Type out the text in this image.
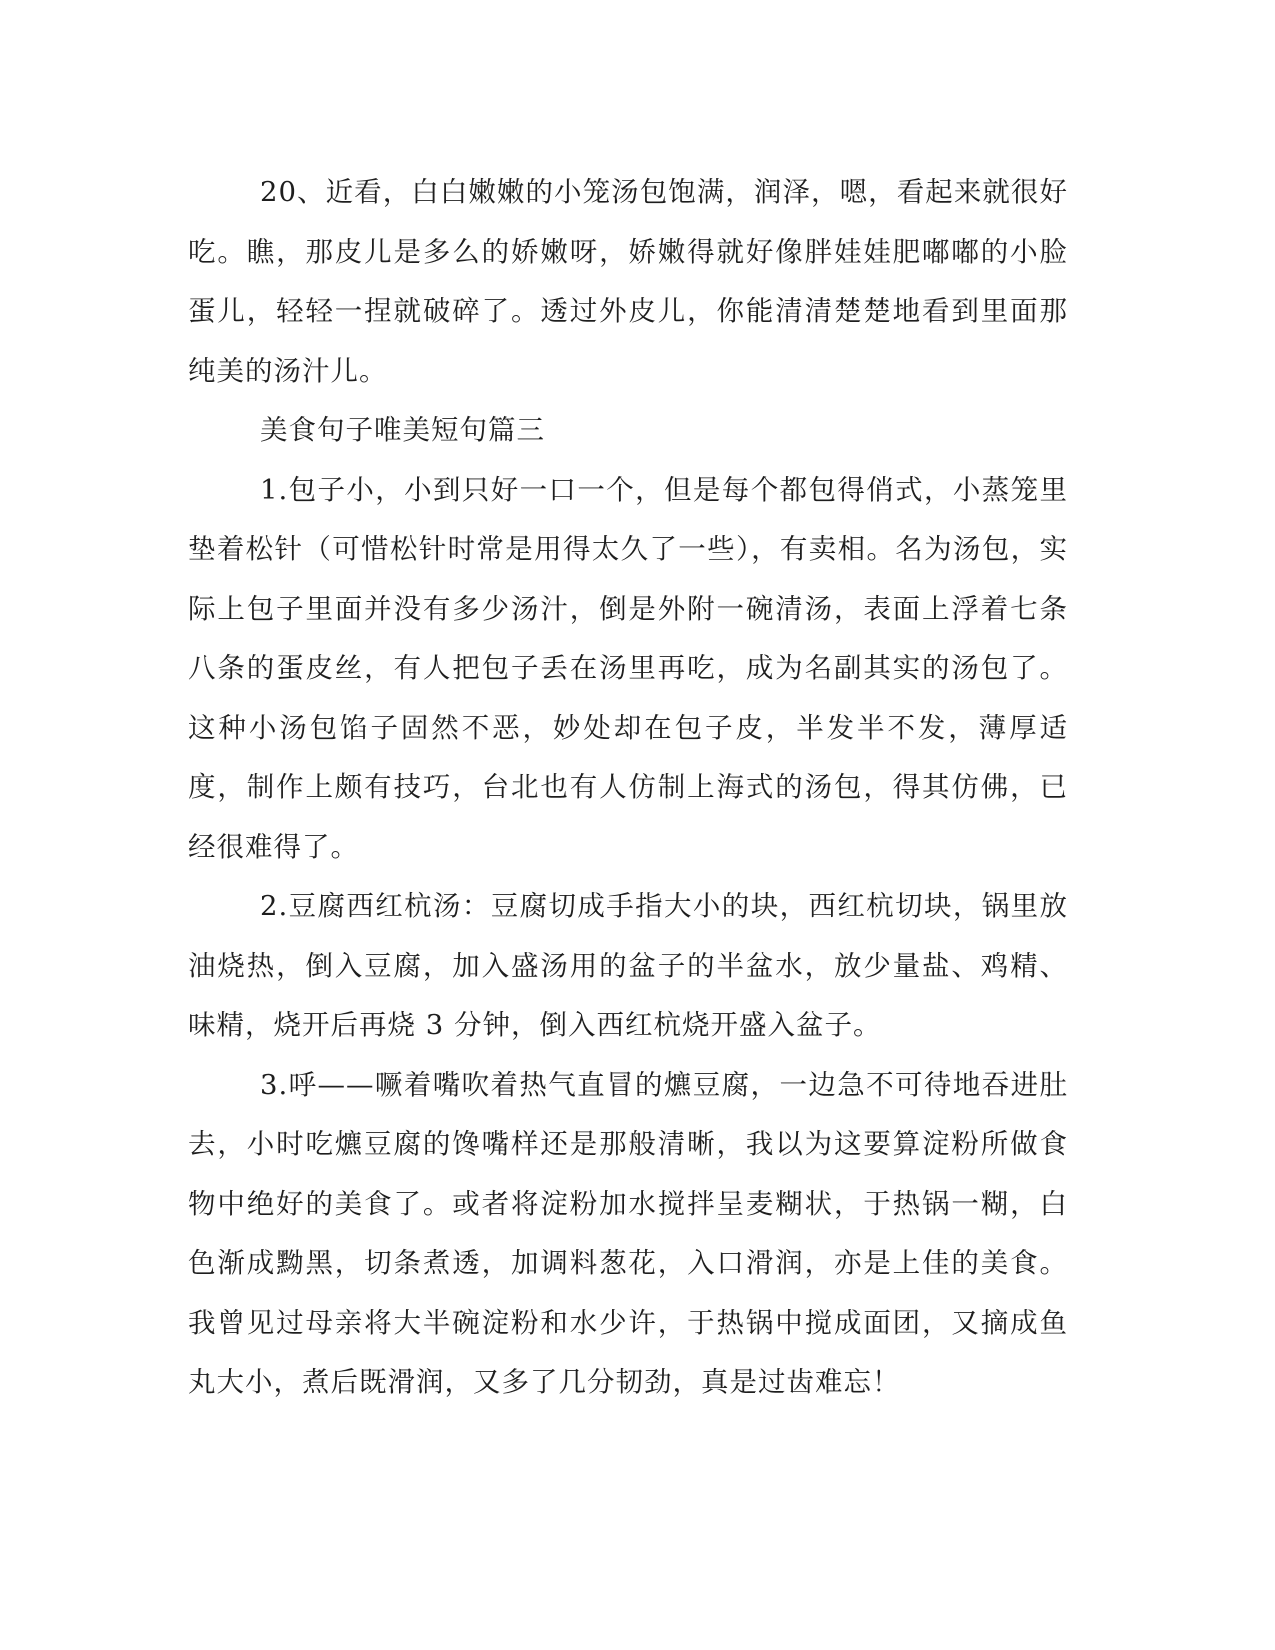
20、近看，白白嫩嫩的小笼汤包饱满，润泽，嗯，看起来就很好吃。瞧，那皮儿是多么的娇嫩呀，娇嫩得就好像胖娃娃肥嘟嘟的小脸蛋儿，轻轻一捏就破碎了。透过外皮儿，你能清清楚楚地看到里面那纯美的汤汁儿。

美食句子唯美短句篇三

1.包子小，小到只好一口一个，但是每个都包得俏式，小蒸笼里垫着松针（可惜松针时常是用得太久了一些），有卖相。名为汤包，实际上包子里面并没有多少汤汁，倒是外附一碗清汤，表面上浮着七条八条的蛋皮丝，有人把包子丢在汤里再吃，成为名副其实的汤包了。这种小汤包馅子固然不恶，妙处却在包子皮，半发半不发，薄厚适度，制作上颇有技巧，台北也有人仿制上海式的汤包，得其仿佛，已经很难得了。

2.豆腐西红杭汤：豆腐切成手指大小的块，西红杭切块，锅里放油烧热，倒入豆腐，加入盛汤用的盆子的半盆水，放少量盐、鸡精、味精，烧开后再烧 3 分钟，倒入西红杭烧开盛入盆子。

3.呼——噘着嘴吹着热气直冒的爊豆腐，一边急不可待地吞进肚去，小时吃爊豆腐的馋嘴样还是那般清晰，我以为这要算淀粉所做食物中绝好的美食了。或者将淀粉加水搅拌呈麦糊状，于热锅一糊，白色渐成黝黑，切条煮透，加调料葱花，入口滑润，亦是上佳的美食。我曾见过母亲将大半碗淀粉和水少许，于热锅中搅成面团，又摘成鱼丸大小，煮后既滑润，又多了几分韧劲，真是过齿难忘！
